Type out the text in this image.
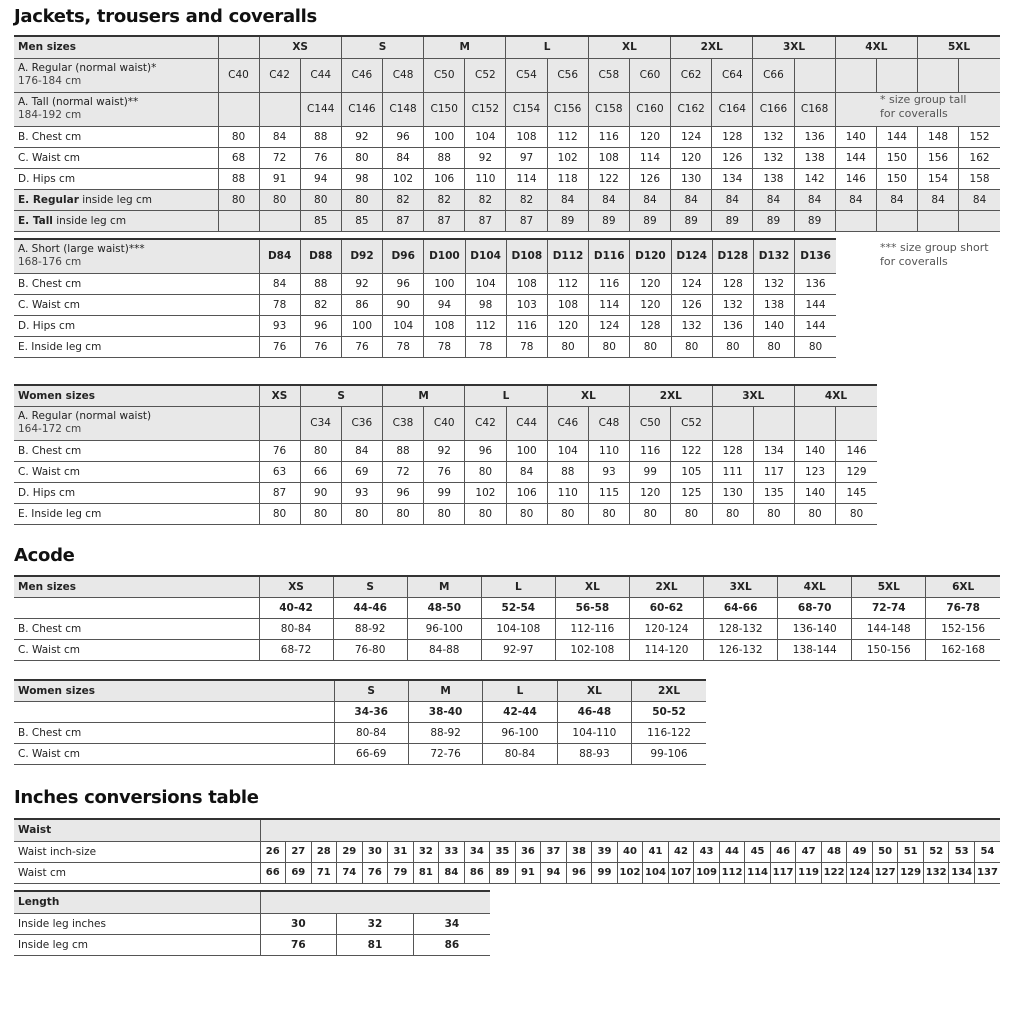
Jackets, trousers and coveralls
Men sizes		XS		S		M		L		XL		2XL		3XL		4XL		5XL	

A. Regular (normal waist)*
176-184 cm	C40	C42	C44	C46	C48	C50	C52	C54	C56	C58	C60	C62	C64	C66					

A. Tall (normal waist)**
184-192 cm			C144	C146	C148	C150	C152	C154	C156	C158	C160	C162	C164	C166	C168				
B. Chest cm	80	84	88	92	96	100	104	108	112	116	120	124	128	132	136	140	144	148	152
C. Waist cm	68	72	76	80	84	88	92	97	102	108	114	120	126	132	138	144	150	156	162
D. Hips cm	88	91	94	98	102	106	110	114	118	122	126	130	134	138	142	146	150	154	158
E. Regular inside leg cm	80	80	80	80	82	82	82	82	84	84	84	84	84	84	84	84	84	84	84
E. Tall inside leg cm			85	85	87	87	87	87	89	89	89	89	89	89	89				
* size group tall
for coveralls
A. Short (large waist)***
168-176 cm	D84	D88	D92	D96	D100	D104	D108	D112	D116	D120	D124	D128	D132	D136
B. Chest cm	84	88	92	96	100	104	108	112	116	120	124	128	132	136
C. Waist cm	78	82	86	90	94	98	103	108	114	120	126	132	138	144
D. Hips cm	93	96	100	104	108	112	116	120	124	128	132	136	140	144
E. Inside leg cm	76	76	76	78	78	78	78	80	80	80	80	80	80	80
*** size group short
for coveralls
Women sizes	XS	S		M		L		XL		2XL		3XL		4XL	

A. Regular (normal waist)
164-172 cm		C34	C36	C38	C40	C42	C44	C46	C48	C50	C52				
B. Chest cm	76	80	84	88	92	96	100	104	110	116	122	128	134	140	146
C. Waist cm	63	66	69	72	76	80	84	88	93	99	105	111	117	123	129
D. Hips cm	87	90	93	96	99	102	106	110	115	120	125	130	135	140	145
E. Inside leg cm	80	80	80	80	80	80	80	80	80	80	80	80	80	80	80
Acode
Men sizes	XS	S	M	L	XL	2XL	3XL	4XL	5XL	6XL
	40-42	44-46	48-50	52-54	56-58	60-62	64-66	68-70	72-74	76-78
B. Chest cm	80-84	88-92	96-100	104-108	112-116	120-124	128-132	136-140	144-148	152-156
C. Waist cm	68-72	76-80	84-88	92-97	102-108	114-120	126-132	138-144	150-156	162-168
Women sizes	S	M	L	XL	2XL
	34-36	38-40	42-44	46-48	50-52
B. Chest cm	80-84	88-92	96-100	104-110	116-122
C. Waist cm	66-69	72-76	80-84	88-93	99-106
Inches conversions table
Waist																													
Waist inch-size	26	27	28	29	30	31	32	33	34	35	36	37	38	39	40	41	42	43	44	45	46	47	48	49	50	51	52	53	54
Waist cm	66	69	71	74	76	79	81	84	86	89	91	94	96	99	102	104	107	109	112	114	117	119	122	124	127	129	132	134	137
Length			
Inside leg inches	30	32	34
Inside leg cm	76	81	86
